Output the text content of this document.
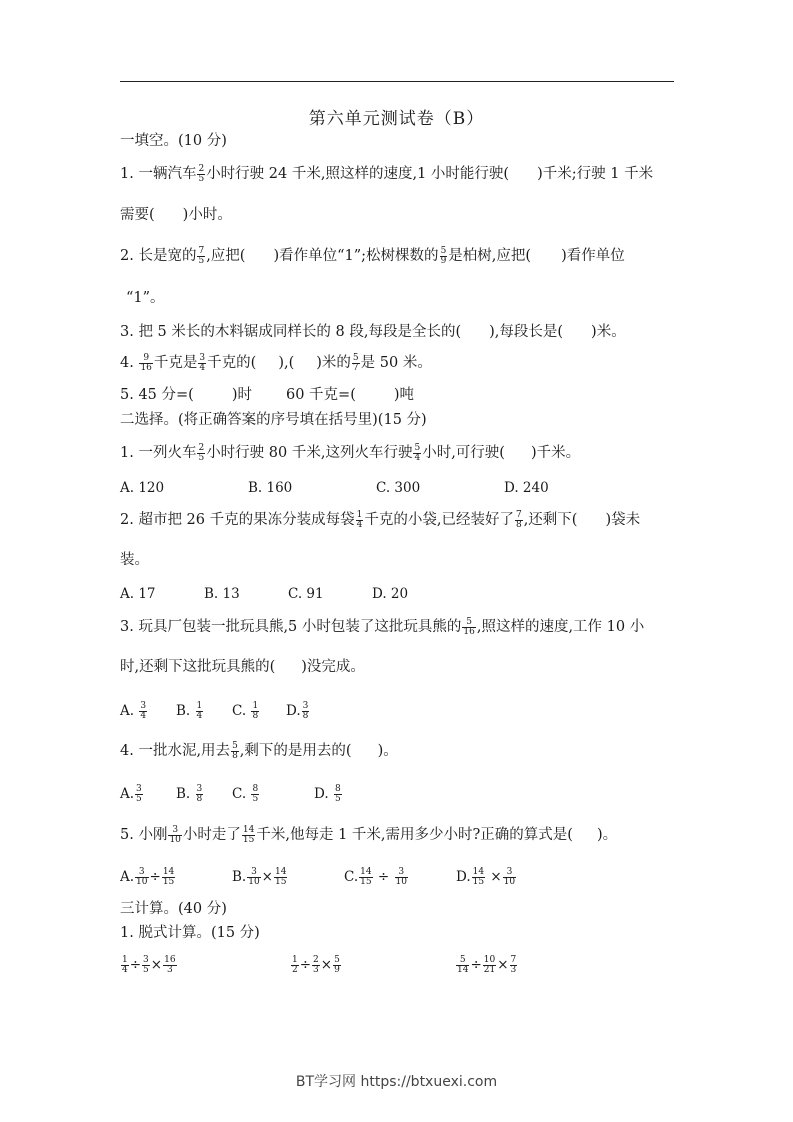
第六单元测试卷（B）
一填空。(10 分)
1. 一辆汽车 $\frac{2}{5}$ 小时行驶 24 千米,照这样的速度,1 小时能行驶( )千米;行驶 1 千米
需要( )小时。
2. 长是宽的 $\frac{7}{5}$ ,应把( )看作单位“1”;松树棵数的 $\frac{5}{9}$ 是柏树,应把( )看作单位
“1”。
3. 把 5 米长的木料锯成同样长的 8 段,每段是全长的( ),每段长是( )米。
4. $\frac{9}{16}$ 千克是 $\frac{3}{4}$ 千克的( ),( )米的 $\frac{5}{7}$ 是 50 米。
5. 45 分=(	)时 60 千克=(	)吨
二选择。(将正确答案的序号填在括号里)(15 分)
1. 一列火车 $\frac{2}{5}$ 小时行驶 80 千米,这列火车行驶 $\frac{5}{4}$ 小时,可行驶( )千米。
A. 120	B. 160	C. 300	D. 240
2. 超市把 26 千克的果冻分装成每袋 $\frac{1}{4}$ 千克的小袋,已经装好了 $\frac{7}{8}$ ,还剩下( )袋未
装。
A. 17	B. 13	C. 91	D. 20
3. 玩具厂包装一批玩具熊,5 小时包装了这批玩具熊的 $\frac{5}{16}$ ,照这样的速度,工作 10 小
时,还剩下这批玩具熊的( )没完成。
A. $\frac{3}{4} B$. $\frac{1}{4} C$. $\frac{1}{8} D$. $\frac{3}{8}$
4. 一批水泥,用去 $\frac{5}{8}$ ,剩下的是用去的( )。
A. $\frac{3}{5} B$. $\frac{3}{8} C$. $\frac{8}{5}$	D. $\frac{8}{5}$
5. 小刚 $\frac{3}{10}$ 小时走了 $\frac{14}{15}$ 千米,他每走 1 千米,需用多少小时?正确的算式是( )。
A. $\frac{3}{10} \div \frac{14}{15}$	B. $\frac{3}{10} \times \frac{14}{15}$	C. $\frac{14}{15} \div \frac{3}{10}$	D. $\frac{14}{15} \times \frac{3}{10}$
三计算。(40 分)
1. 脱式计算。(15 分)
$\frac{1}{4} \div \frac{3}{5} \times \frac{16}{3}$	$\frac{1}{2} \div \frac{2}{3} \times \frac{5}{9}$	$\frac{5}{14} \div \frac{10}{21} \times \frac{7}{3}$
BT学习网 https://btxuexi.com
